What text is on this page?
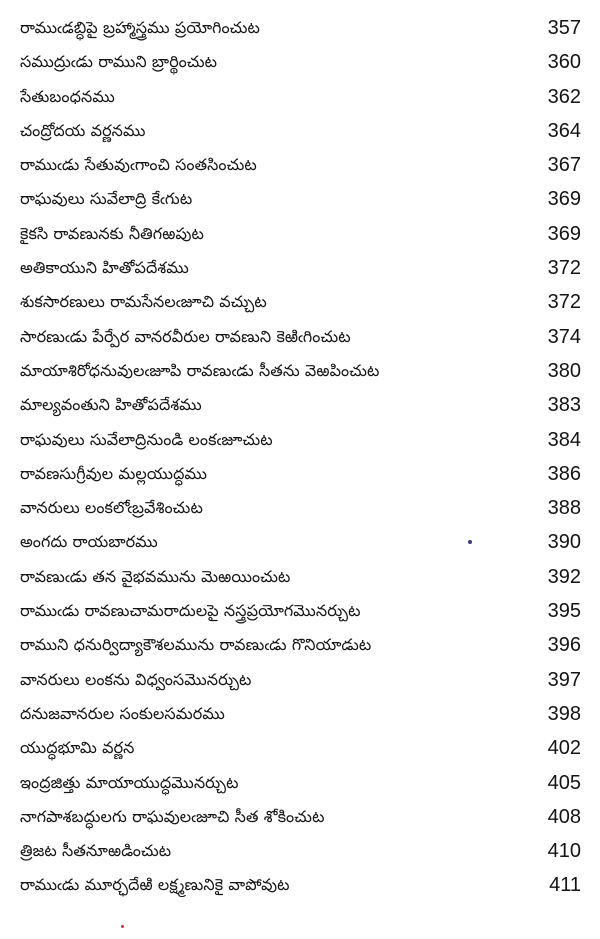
రాముఁడబ్ధిపై బ్రహ్మాస్త్రము ప్రయోగించుట	357
సముద్రుఁడు రాముని బ్రార్థించుట	360
సేతుబంధనము	362
చంద్రోదయ వర్ణనము	364
రాముఁడు సేతువుఁగాంచి సంతసించుట	367
రాఘవులు సువేలాద్రి కేఁగుట	369
కైకసి రావణునకు నీతిగఱపుట	369
అతికాయుని హితోపదేశము	372
శుకసారణులు రామసేనలఁజూచి వచ్చుట	372
సారణుఁడు పేర్పేర వానరవీరుల రావణుని కెఱిఁగించుట	374
మాయాశిరోధనువులఁజూపి రావణుఁడు సీతను వెఱపించుట	380
మాల్యవంతుని హితోపదేశము	383
రాఘవులు సువేలాద్రినుండి లంకఁజూచుట	384
రావణసుగ్రీవుల మల్లయుద్ధము	386
వానరులు లంకలోఁబ్రవేశించుట	388
అంగదు రాయబారము	390
రావణుఁడు తన వైభవమును మెఱయించుట	392
రాముఁడు రావణుచామరాదులపై నస్త్రప్రయోగమొనర్చుట	395
రాముని ధనుర్విద్యాకౌశలమును రావణుఁడు గొనియాడుట	396
వానరులు లంకను విధ్వంసమొనర్చుట	397
దనుజవానరుల సంకులసమరము	398
యుద్ధభూమి వర్ణన	402
ఇంద్రజిత్తు మాయాయుద్ధమొనర్చుట	405
నాగపాశబద్ధులగు రాఘవులఁజూచి సీత శోకించుట	408
త్రిజట సీతనూఱడించుట	410
రాముఁడు మూర్ఛదేఱి లక్ష్మణునికై వాపోవుట	411
